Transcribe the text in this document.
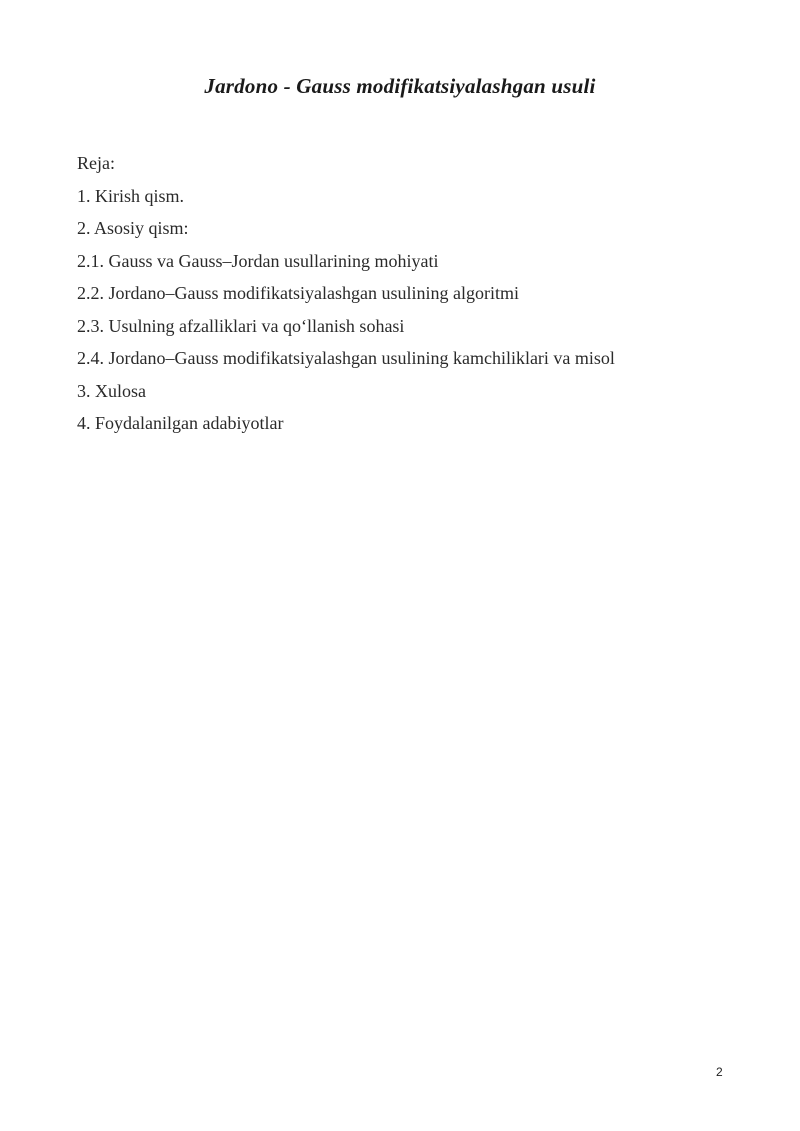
Jardono - Gauss modifikatsiyalashgan usuli
Reja:
1. Kirish qism.
2. Asosiy qism:
2.1. Gauss va Gauss–Jordan usullarining mohiyati
2.2. Jordano–Gauss modifikatsiyalashgan usulining algoritmi
2.3. Usulning afzalliklari va qo‘llanish sohasi
2.4. Jordano–Gauss modifikatsiyalashgan usulining kamchiliklari va misol
3. Xulosa
4. Foydalanilgan adabiyotlar
2
